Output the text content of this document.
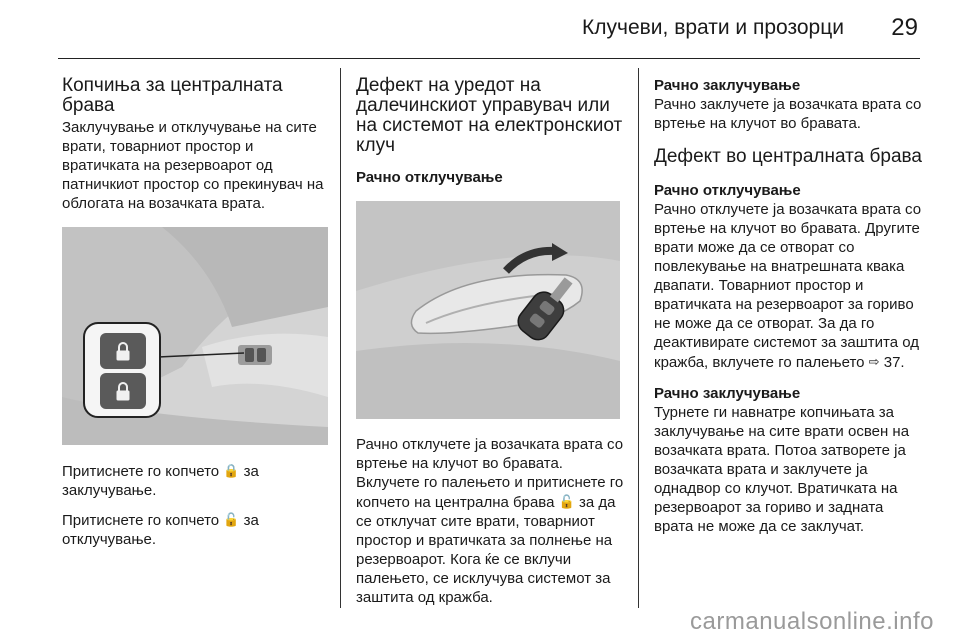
Клучеви, врати и прозорци 29
Копчиња за централната брава

Заклучување и отклучување на сите врати, товарниот простор и вратичката на резервоарот од патничкиот простор со прекинувач на облогата на возачката врата.

Притиснете го копчето 🔒 за заклучување.

Притиснете го копчето 🔓 за отклучување.

Дефект на уредот на далечинскиот управувач или на системот на електронскиот клуч
Рачно отклучување

Рачно отклучете ја возачката врата со вртење на клучот во бравата. Вклучете го палењето и притиснете го копчето на централна брава 🔓 за да се отклучат сите врати, товарниот простор и вратичката за полнење на резервоарот. Кога ќе се вклучи палењето, се исклучува системот за заштита од кражба.

Рачно заклучување

Рачно заклучете ја возачката врата со вртење на клучот во бравата.

Дефект во централната брава
Рачно отклучување

Рачно отклучете ја возачката врата со вртење на клучот во бравата. Другите врати може да се отворат со повлекување на внатрешната квака двапати. Товарниот простор и вратичката на резервоарот за гориво не може да се отворат. За да го деактивирате системот за заштита од кражба, вклучете го палењето ⇨ 37.

Рачно заклучување

Турнете ги навнатре копчињата за заклучување на сите врати освен на возачката врата. Потоа затворете ја возачката врата и заклучете ја однадвор со клучот. Вратичката на резервоарот за гориво и задната врата не може да се заклучат.

carmanualsonline.info
